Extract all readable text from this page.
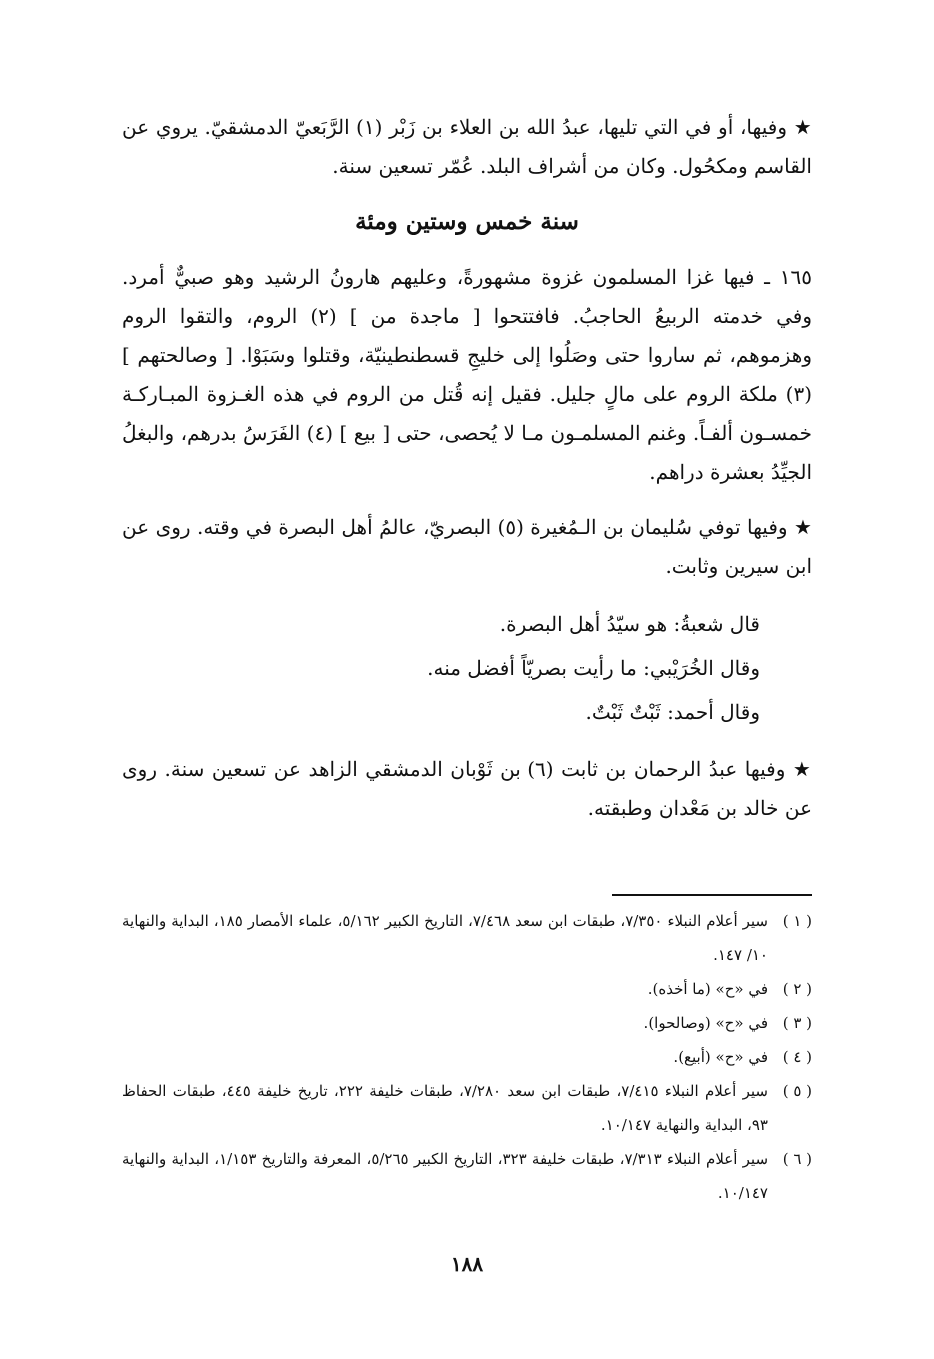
★ وفيها، أو في التي تليها، عبدُ الله بن العلاء بن زَبْر (١) الرَّبَعيّ الدمشقيّ. يروي عن القاسم ومكحُول. وكان من أشراف البلد. عُمّر تسعين سنة.

سنة خمس وستين ومئة

١٦٥ ـ فيها غزا المسلمون غزوة مشهورةً، وعليهم هارونُ الرشيد وهو صبيٌّ أمرد. وفي خدمته الربيعُ الحاجبُ. فافتتحوا [ ماجدة من ] (٢) الروم، والتقوا الروم وهزموهم، ثم ساروا حتى وصَلُوا إلى خليجِ قسطنطينيّة، وقتلوا وسَبَوْا. [ وصالحتهم ] (٣) ملكة الروم على مالٍ جليل. فقيل إنه قُتل من الروم في هذه الغـزوة المبـاركـة خمسـون ألفـاً. وغنم المسلمـون مـا لا يُحصى، حتى [ بيع ] (٤) الفَرَسُ بدرهم، والبغلُ الجيِّدُ بعشرة دراهم.

★ وفيها توفي سُليمان بن الـمُغيرة (٥) البصريّ، عالمُ أهل البصرة في وقته. روى عن ابن سيرين وثابت.

قال شعبةُ: هو سيّدُ أهل البصرة.

وقال الخُرَيْبي: ما رأيت بصريّاً أفضل منه.

وقال أحمد: ثَبْتٌ ثَبْتٌ.

★ وفيها عبدُ الرحمان بن ثابت (٦) بن ثَوْبان الدمشقي الزاهد عن تسعين سنة. روى عن خالد بن مَعْدان وطبقته.

( ١ )
سير أعلام النبلاء ٧/٣٥٠، طبقات ابن سعد ٧/٤٦٨، التاريخ الكبير ٥/١٦٢، علماء الأمصار ١٨٥، البداية والنهاية ١٠/ ١٤٧.
( ٢ )
في «ح» (ما أخذه).
( ٣ )
في «ح» (وصالحوا).
( ٤ )
في «ح» (أبيع).
( ٥ )
سير أعلام النبلاء ٧/٤١٥، طبقات ابن سعد ٧/٢٨٠، طبقات خليفة ٢٢٢، تاريخ خليفة ٤٤٥، طبقات الحفاظ ٩٣، البداية والنهاية ١٠/١٤٧.
( ٦ )
سير أعلام النبلاء ٧/٣١٣، طبقات خليفة ٣٢٣، التاريخ الكبير ٥/٢٦٥، المعرفة والتاريخ ١/١٥٣، البداية والنهاية ١٠/١٤٧.
١٨٨
